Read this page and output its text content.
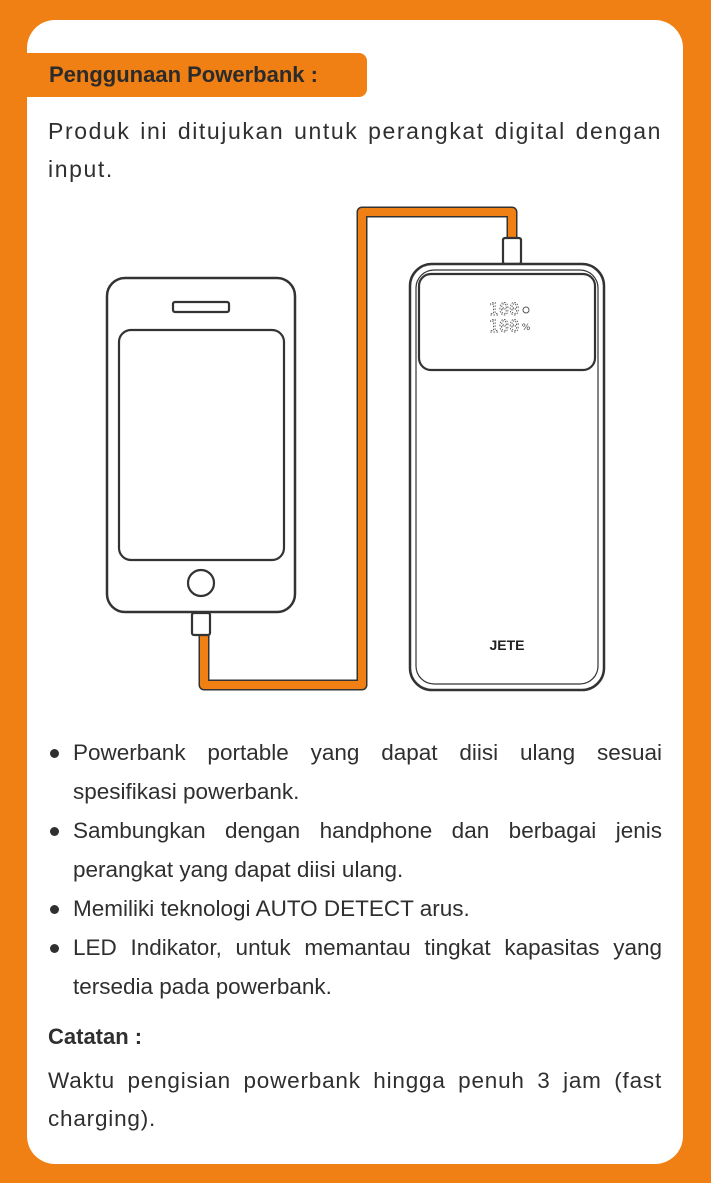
Penggunaan Powerbank :
Produk ini ditujukan untuk perangkat digital dengan input.
100
100 %
JETE
Powerbank portable yang dapat diisi ulang sesuai spesifikasi powerbank.
Sambungkan dengan handphone dan berbagai jenis perangkat yang dapat diisi ulang.
Memiliki teknologi AUTO DETECT arus.
LED Indikator, untuk memantau tingkat kapasitas yang tersedia pada powerbank.
Catatan :
Waktu pengisian powerbank hingga penuh 3 jam (fast charging).
